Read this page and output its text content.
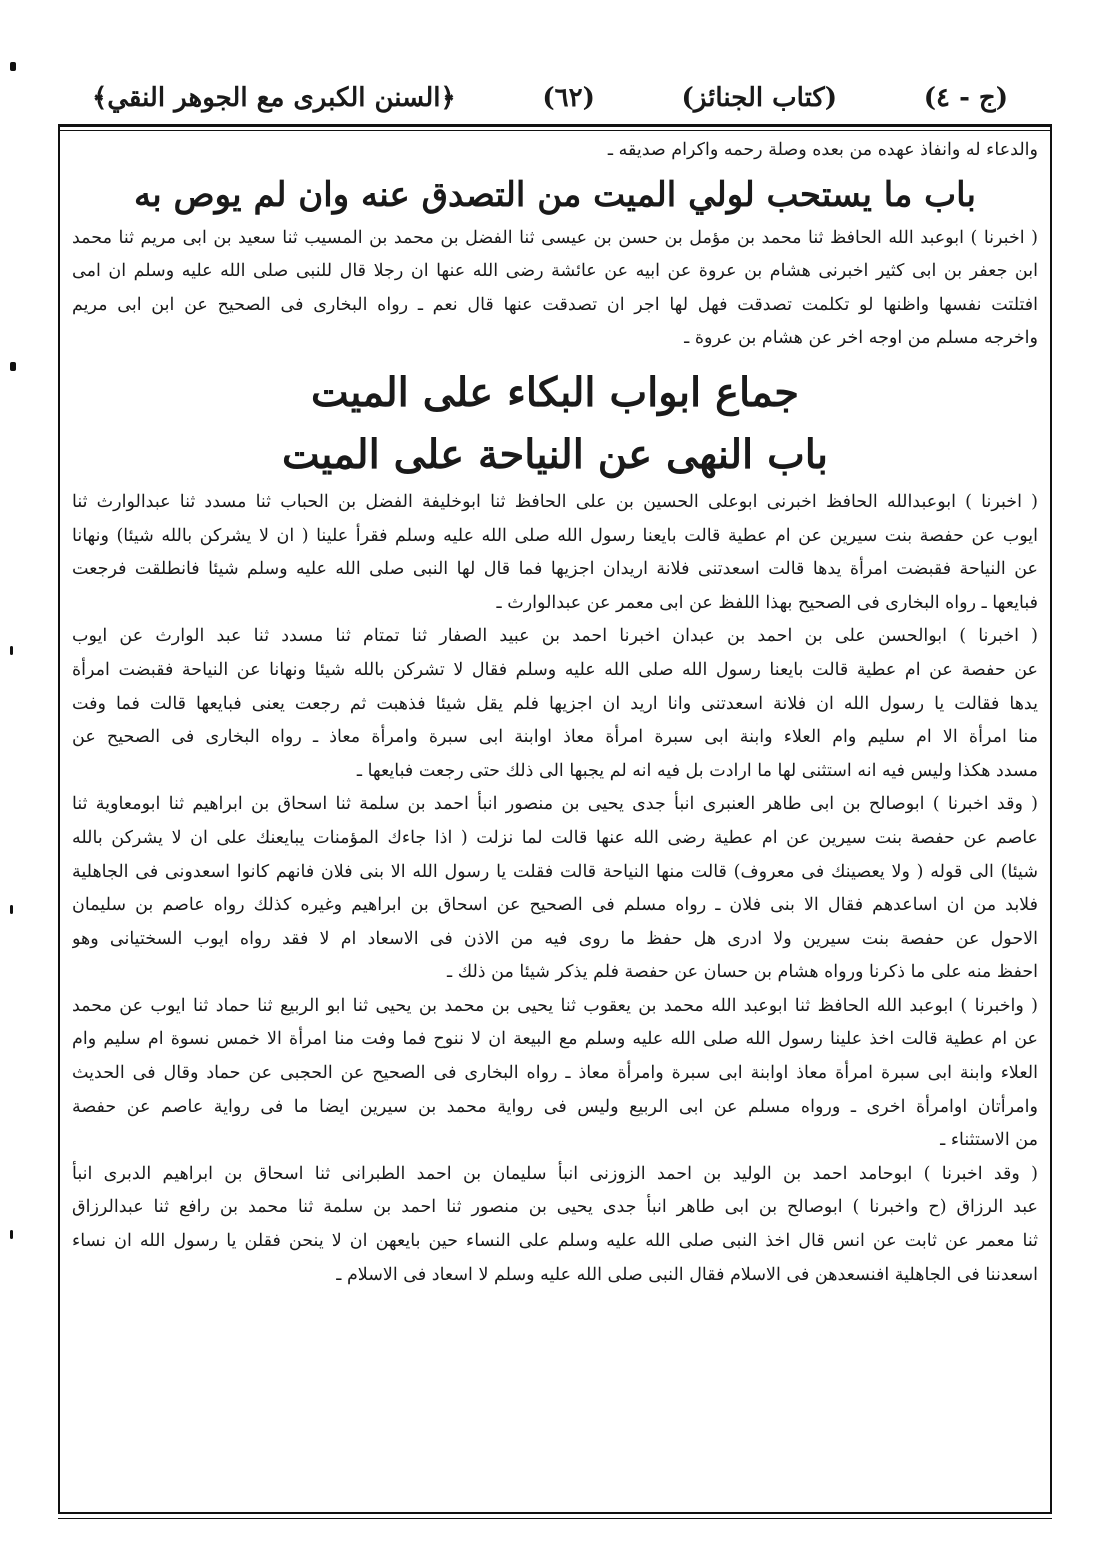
﴿السنن الكبرى مع الجوهر النقي﴾	(٦٢)	(كتاب الجنائز)	(ج - ٤)
والدعاء له وانفاذ عهده من بعده وصلة رحمه واكرام صديقه ـ
باب ما يستحب لولي الميت من التصدق عنه وان لم يوص به
( اخبرنا ) ابوعبد الله الحافظ ثنا محمد بن مؤمل بن حسن بن عيسى ثنا الفضل بن محمد بن المسيب ثنا سعيد بن ابى مريم ثنا محمد
ابن جعفر بن ابى كثير اخبرنى هشام بن عروة عن ابيه عن عائشة رضى الله عنها ان رجلا قال للنبى صلى الله عليه وسلم ان امى
افتلتت نفسها واظنها لو تكلمت تصدقت فهل لها اجر ان تصدقت عنها قال نعم ـ رواه البخارى فى الصحيح عن ابن ابى مريم
واخرجه مسلم من اوجه اخر عن هشام بن عروة ـ
جماع ابواب البكاء على الميت
باب النهى عن النياحة على الميت
( اخبرنا ) ابوعبدالله الحافظ اخبرنى ابوعلى الحسين بن على الحافظ ثنا ابوخليفة الفضل بن الحباب ثنا مسدد ثنا عبدالوارث ثنا
ايوب عن حفصة بنت سيرين عن ام عطية قالت بايعنا رسول الله صلى الله عليه وسلم فقرأ علينا ( ان لا يشركن بالله شيئا) ونهانا
عن النياحة فقبضت امرأة يدها قالت اسعدتنى فلانة اريدان اجزيها فما قال لها النبى صلى الله عليه وسلم شيئا فانطلقت فرجعت
فبايعها ـ رواه البخارى فى الصحيح بهذا اللفظ عن ابى معمر عن عبدالوارث ـ
( اخبرنا ) ابوالحسن على بن احمد بن عبدان اخبرنا احمد بن عبيد الصفار ثنا تمتام ثنا مسدد ثنا عبد الوارث عن ايوب
عن حفصة عن ام عطية قالت بايعنا رسول الله صلى الله عليه وسلم فقال لا تشركن بالله شيئا ونهانا عن النياحة فقبضت امرأة
يدها فقالت يا رسول الله ان فلانة اسعدتنى وانا اريد ان اجزيها فلم يقل شيئا فذهبت ثم رجعت يعنى فبايعها قالت فما وفت
منا امرأة الا ام سليم وام العلاء وابنة ابى سبرة امرأة معاذ اوابنة ابى سبرة وامرأة معاذ ـ رواه البخارى فى الصحيح عن
مسدد هكذا وليس فيه انه استثنى لها ما ارادت بل فيه انه لم يجبها الى ذلك حتى رجعت فبايعها ـ
( وقد اخبرنا ) ابوصالح بن ابى طاهر العنبرى انبأ جدى يحيى بن منصور انبأ احمد بن سلمة ثنا اسحاق بن ابراهيم ثنا ابومعاوية ثنا
عاصم عن حفصة بنت سيرين عن ام عطية رضى الله عنها قالت لما نزلت ( اذا جاءك المؤمنات يبايعنك على ان لا يشركن بالله
شيئا) الى قوله ( ولا يعصينك فى معروف) قالت منها النياحة قالت فقلت يا رسول الله الا بنى فلان فانهم كانوا اسعدونى فى الجاهلية
فلابد من ان اساعدهم فقال الا بنى فلان ـ رواه مسلم فى الصحيح عن اسحاق بن ابراهيم وغيره كذلك رواه عاصم بن سليمان
الاحول عن حفصة بنت سيرين ولا ادرى هل حفظ ما روى فيه من الاذن فى الاسعاد ام لا فقد رواه ايوب السختيانى وهو
احفظ منه على ما ذكرنا ورواه هشام بن حسان عن حفصة فلم يذكر شيئا من ذلك ـ
( واخبرنا ) ابوعبد الله الحافظ ثنا ابوعبد الله محمد بن يعقوب ثنا يحيى بن محمد بن يحيى ثنا ابو الربيع ثنا حماد ثنا ايوب عن محمد
عن ام عطية قالت اخذ علينا رسول الله صلى الله عليه وسلم مع البيعة ان لا ننوح فما وفت منا امرأة الا خمس نسوة ام سليم وام
العلاء وابنة ابى سبرة امرأة معاذ اوابنة ابى سبرة وامرأة معاذ ـ رواه البخارى فى الصحيح عن الحجبى عن حماد وقال فى الحديث
وامرأتان اوامرأة اخرى ـ ورواه مسلم عن ابى الربيع وليس فى رواية محمد بن سيرين ايضا ما فى رواية عاصم عن حفصة
من الاستثناء ـ
( وقد اخبرنا ) ابوحامد احمد بن الوليد بن احمد الزوزنى انبأ سليمان بن احمد الطبرانى ثنا اسحاق بن ابراهيم الدبرى انبأ
عبد الرزاق (ح واخبرنا ) ابوصالح بن ابى طاهر انبأ جدى يحيى بن منصور ثنا احمد بن سلمة ثنا محمد بن رافع ثنا عبدالرزاق
ثنا معمر عن ثابت عن انس قال اخذ النبى صلى الله عليه وسلم على النساء حين بايعهن ان لا ينحن فقلن يا رسول الله ان نساء
اسعدننا فى الجاهلية افنسعدهن فى الاسلام فقال النبى صلى الله عليه وسلم لا اسعاد فى الاسلام ـ
